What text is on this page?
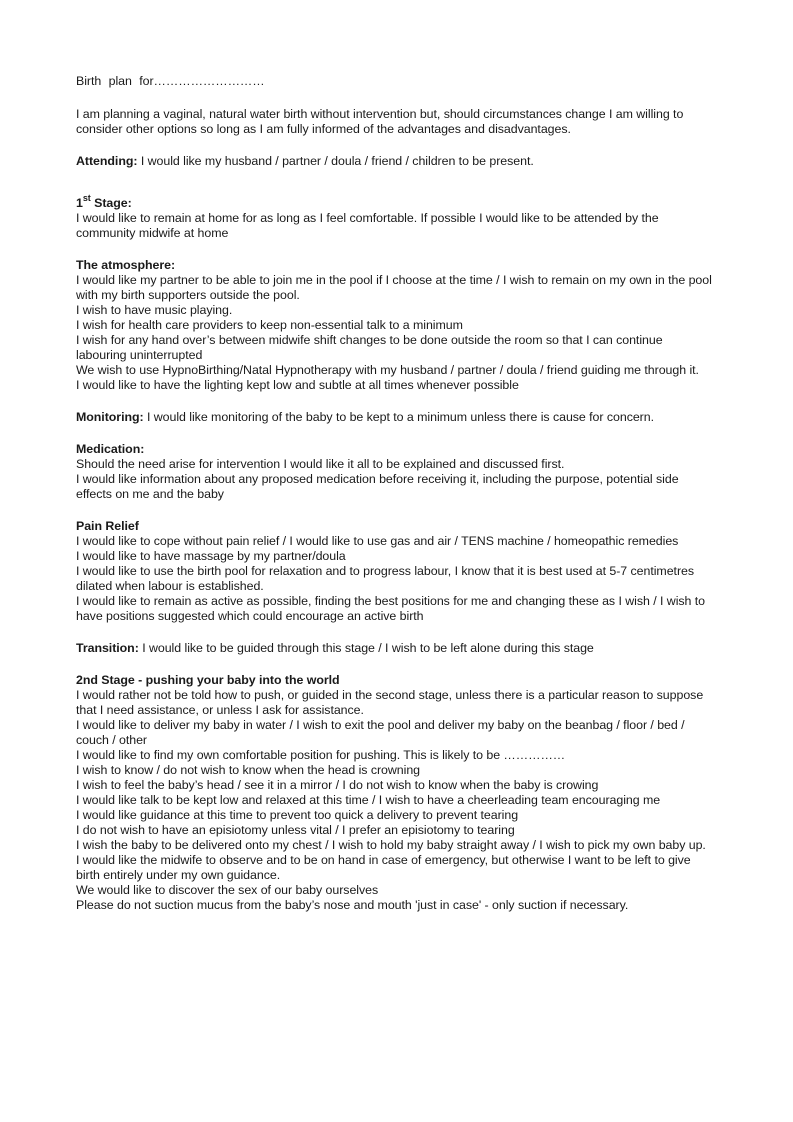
Birth plan for………………………

I am planning a vaginal, natural water birth without intervention but, should circumstances change I am willing to consider other options so long as I am fully informed of the advantages and disadvantages.

Attending: I would like my husband / partner / doula / friend / children to be present.

1st Stage:

I would like to remain at home for as long as I feel comfortable. If possible I would like to be attended by the community midwife at home

The atmosphere:

I would like my partner to be able to join me in the pool if I choose at the time / I wish to remain on my own in the pool with my birth supporters outside the pool.

I wish to have music playing.

I wish for health care providers to keep non-essential talk to a minimum

I wish for any hand over’s between midwife shift changes to be done outside the room so that I can continue labouring uninterrupted

We wish to use HypnoBirthing/Natal Hypnotherapy with my husband / partner / doula / friend guiding me through it.

I would like to have the lighting kept low and subtle at all times whenever possible

Monitoring: I would like monitoring of the baby to be kept to a minimum unless there is cause for concern.

Medication:

Should the need arise for intervention I would like it all to be explained and discussed first.

I would like information about any proposed medication before receiving it, including the purpose, potential side effects on me and the baby

Pain Relief

I would like to cope without pain relief / I would like to use gas and air / TENS machine / homeopathic remedies

I would like to have massage by my partner/doula

I would like to use the birth pool for relaxation and to progress labour, I know that it is best used at 5-7 centimetres dilated when labour is established.

I would like to remain as active as possible, finding the best positions for me and changing these as I wish / I wish to have positions suggested which could encourage an active birth

Transition: I would like to be guided through this stage / I wish to be left alone during this stage

2nd Stage - pushing your baby into the world

I would rather not be told how to push, or guided in the second stage, unless there is a particular reason to suppose that I need assistance, or unless I ask for assistance.

I would like to deliver my baby in water / I wish to exit the pool and deliver my baby on the beanbag / floor / bed / couch / other

I would like to find my own comfortable position for pushing. This is likely to be ……………

I wish to know / do not wish to know when the head is crowning

I wish to feel the baby’s head / see it in a mirror / I do not wish to know when the baby is crowing

I would like talk to be kept low and relaxed at this time / I wish to have a cheerleading team encouraging me

I would like guidance at this time to prevent too quick a delivery to prevent tearing

I do not wish to have an episiotomy unless vital / I prefer an episiotomy to tearing

I wish the baby to be delivered onto my chest / I wish to hold my baby straight away / I wish to pick my own baby up. I would like the midwife to observe and to be on hand in case of emergency, but otherwise I want to be left to give birth entirely under my own guidance.

We would like to discover the sex of our baby ourselves

Please do not suction mucus from the baby’s nose and mouth 'just in case' - only suction if necessary.
